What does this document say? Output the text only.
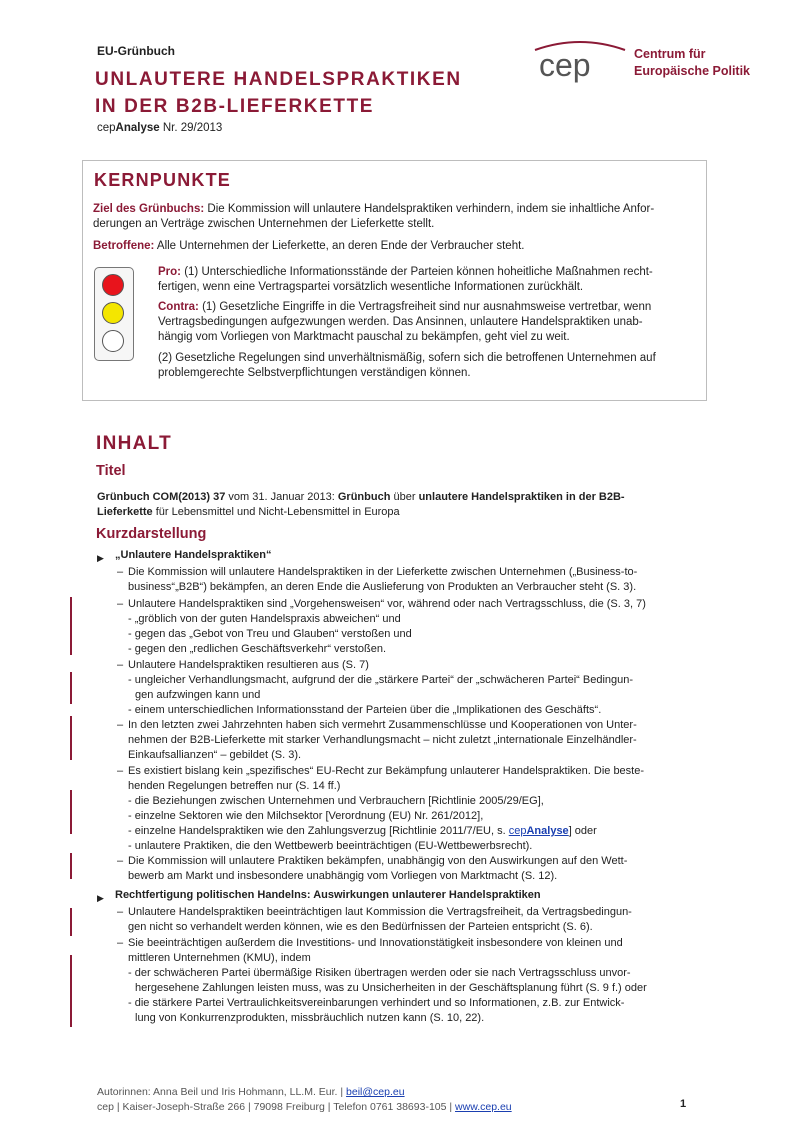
EU-Grünbuch
UNLAUTERE HANDELSPRAKTIKEN
IN DER B2B-LIEFERKETTE
cepAnalyse Nr. 29/2013
cep	Centrum für
Europäische Politik
KERNPUNKTE
Ziel des Grünbuchs: Die Kommission will unlautere Handelspraktiken verhindern, indem sie inhaltliche Anfor-
derungen an Verträge zwischen Unternehmen der Lieferkette stellt.
Betroffene: Alle Unternehmen der Lieferkette, an deren Ende der Verbraucher steht.
Pro: (1) Unterschiedliche Informationsstände der Parteien können hoheitliche Maßnahmen recht-
fertigen, wenn eine Vertragspartei vorsätzlich wesentliche Informationen zurückhält.
Contra: (1) Gesetzliche Eingriffe in die Vertragsfreiheit sind nur ausnahmsweise vertretbar, wenn
Vertragsbedingungen aufgezwungen werden. Das Ansinnen, unlautere Handelspraktiken unab-
hängig vom Vorliegen von Marktmacht pauschal zu bekämpfen, geht viel zu weit.
(2) Gesetzliche Regelungen sind unverhältnismäßig, sofern sich die betroffenen Unternehmen auf
problemgerechte Selbstverpflichtungen verständigen können.
INHALT
Titel
Grünbuch COM(2013) 37 vom 31. Januar 2013: Grünbuch über unlautere Handelspraktiken in der B2B-
Lieferkette für Lebensmittel und Nicht-Lebensmittel in Europa
Kurzdarstellung
▶ „Unlautere Handelspraktiken“
– Die Kommission will unlautere Handelspraktiken in der Lieferkette zwischen Unternehmen („Business-to-
business“„B2B“) bekämpfen, an deren Ende die Auslieferung von Produkten an Verbraucher steht (S. 3).
– Unlautere Handelspraktiken sind „Vorgehensweisen“ vor, während oder nach Vertragsschluss, die (S. 3, 7)
- „gröblich von der guten Handelspraxis abweichen“ und
- gegen das „Gebot von Treu und Glauben“ verstoßen und
- gegen den „redlichen Geschäftsverkehr“ verstoßen.
– Unlautere Handelspraktiken resultieren aus (S. 7)
- ungleicher Verhandlungsmacht, aufgrund der die „stärkere Partei“ der „schwächeren Partei“ Bedingun-
gen aufzwingen kann und
- einem unterschiedlichen Informationsstand der Parteien über die „Implikationen des Geschäfts“.
– In den letzten zwei Jahrzehnten haben sich vermehrt Zusammenschlüsse und Kooperationen von Unter-
nehmen der B2B-Lieferkette mit starker Verhandlungsmacht – nicht zuletzt „internationale Einzelhändler-
Einkaufsallianzen“ – gebildet (S. 3).
– Es existiert bislang kein „spezifisches“ EU-Recht zur Bekämpfung unlauterer Handelspraktiken. Die beste-
henden Regelungen betreffen nur (S. 14 ff.)
- die Beziehungen zwischen Unternehmen und Verbrauchern [Richtlinie 2005/29/EG],
- einzelne Sektoren wie den Milchsektor [Verordnung (EU) Nr. 261/2012],
- einzelne Handelspraktiken wie den Zahlungsverzug [Richtlinie 2011/7/EU, s. cepAnalyse] oder
- unlautere Praktiken, die den Wettbewerb beeinträchtigen (EU-Wettbewerbsrecht).
– Die Kommission will unlautere Praktiken bekämpfen, unabhängig von den Auswirkungen auf den Wett-
bewerb am Markt und insbesondere unabhängig vom Vorliegen von Marktmacht (S. 12).
▶ Rechtfertigung politischen Handelns: Auswirkungen unlauterer Handelspraktiken
– Unlautere Handelspraktiken beeinträchtigen laut Kommission die Vertragsfreiheit, da Vertragsbedingun-
gen nicht so verhandelt werden können, wie es den Bedürfnissen der Parteien entspricht (S. 6).
– Sie beeinträchtigen außerdem die Investitions- und Innovationstätigkeit insbesondere von kleinen und
mittleren Unternehmen (KMU), indem
- der schwächeren Partei übermäßige Risiken übertragen werden oder sie nach Vertragsschluss unvor-
hergesehene Zahlungen leisten muss, was zu Unsicherheiten in der Geschäftsplanung führt (S. 9 f.) oder
- die stärkere Partei Vertraulichkeitsvereinbarungen verhindert und so Informationen, z.B. zur Entwick-
lung von Konkurrenzprodukten, missbräuchlich nutzen kann (S. 10, 22).
Autorinnen: Anna Beil und Iris Hohmann, LL.M. Eur. | beil@cep.eu
cep | Kaiser-Joseph-Straße 266 | 79098 Freiburg | Telefon 0761 38693-105 | www.cep.eu	1
